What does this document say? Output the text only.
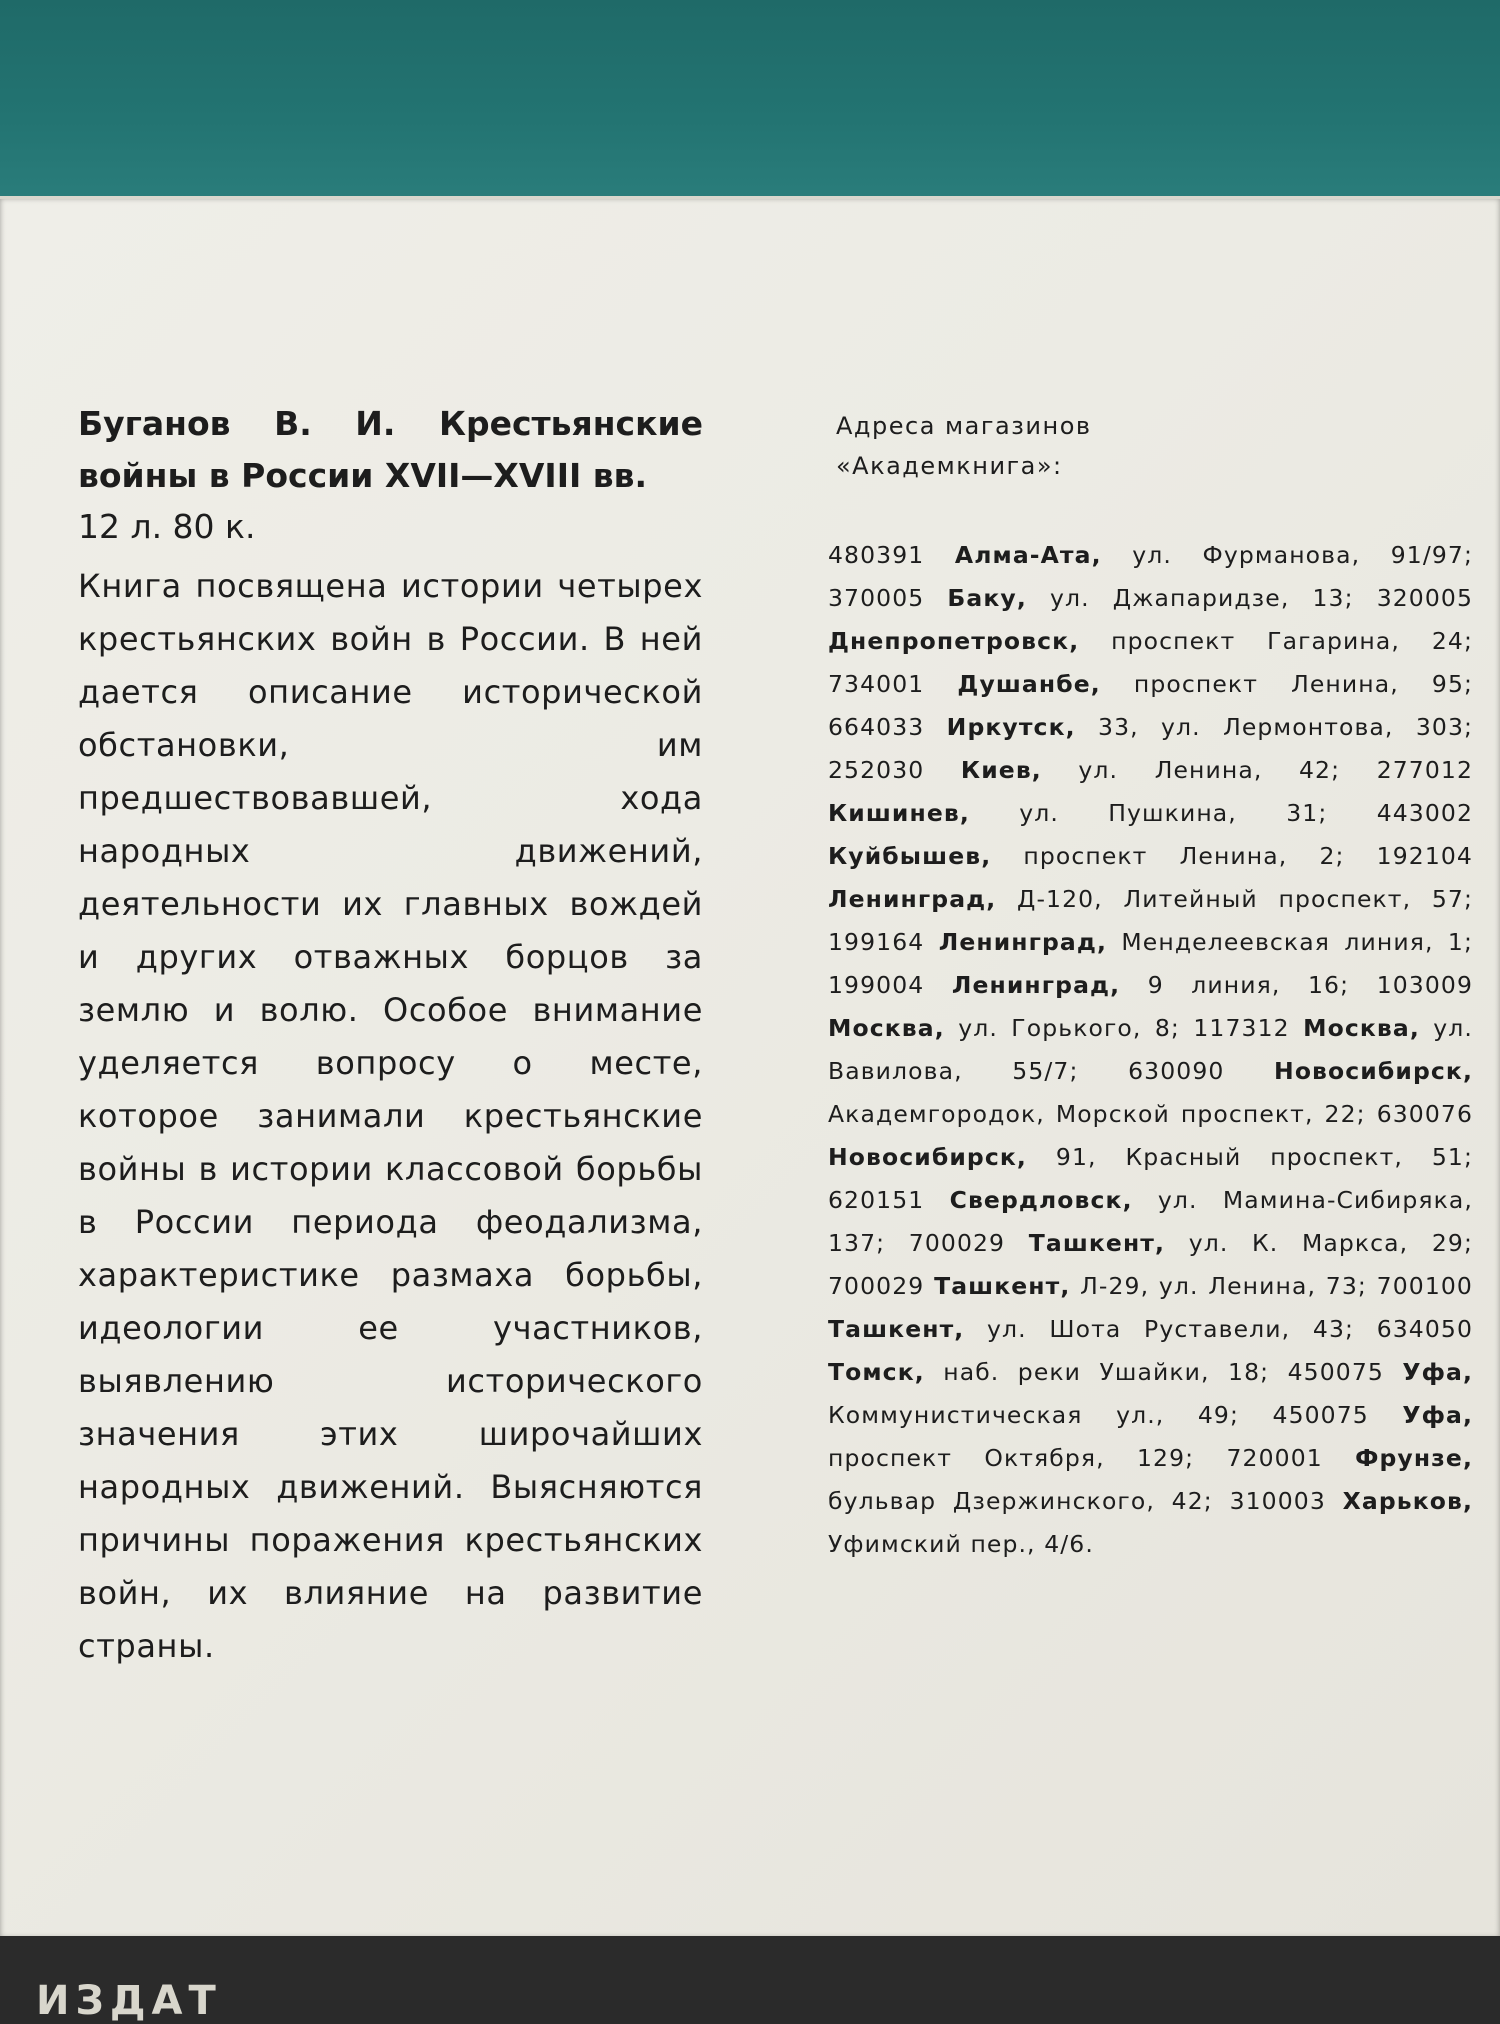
ИЗДАТ

Буганов В. И. Крестьянские войны в России XVII—XVIII вв.

12 л. 80 к.

Книга посвящена истории четырех крестьянских войн в России. В ней дается описание исторической обстановки, им предшествовавшей, хода народных движений, деятельности их главных вождей и других отважных борцов за землю и волю. Особое внимание уделяется вопросу о месте, которое занимали крестьянские войны в истории классовой борьбы в России периода феодализма, характеристике размаха борьбы, идеологии ее участников, выявлению исторического значения этих широчайших народных движений. Выясняются причины поражения крестьянских войн, их влияние на развитие страны.

Адреса магазинов
«Академкнига»:

480391 Алма-Ата, ул. Фурманова, 91/97; 370005 Баку, ул. Джапаридзе, 13; 320005 Днепропетровск, проспект Гагарина, 24; 734001 Душанбе, проспект Ленина, 95; 664033 Иркутск, 33, ул. Лермонтова, 303; 252030 Киев, ул. Ленина, 42; 277012 Кишинев, ул. Пушкина, 31; 443002 Куйбышев, проспект Ленина, 2; 192104 Ленинград, Д-120, Литейный проспект, 57; 199164 Ленинград, Менделеевская линия, 1; 199004 Ленинград, 9 линия, 16; 103009 Москва, ул. Горького, 8; 117312 Москва, ул. Вавилова, 55/7; 630090 Новосибирск, Академгородок, Морской проспект, 22; 630076 Новосибирск, 91, Красный проспект, 51; 620151 Свердловск, ул. Мамина-Сибиряка, 137; 700029 Ташкент, ул. К. Маркса, 29; 700029 Ташкент, Л-29, ул. Ленина, 73; 700100 Ташкент, ул. Шота Руставели, 43; 634050 Томск, наб. реки Ушайки, 18; 450075 Уфа, Коммунистическая ул., 49; 450075 Уфа, проспект Октября, 129; 720001 Фрунзе, бульвар Дзержинского, 42; 310003 Харьков, Уфимский пер., 4/6.
